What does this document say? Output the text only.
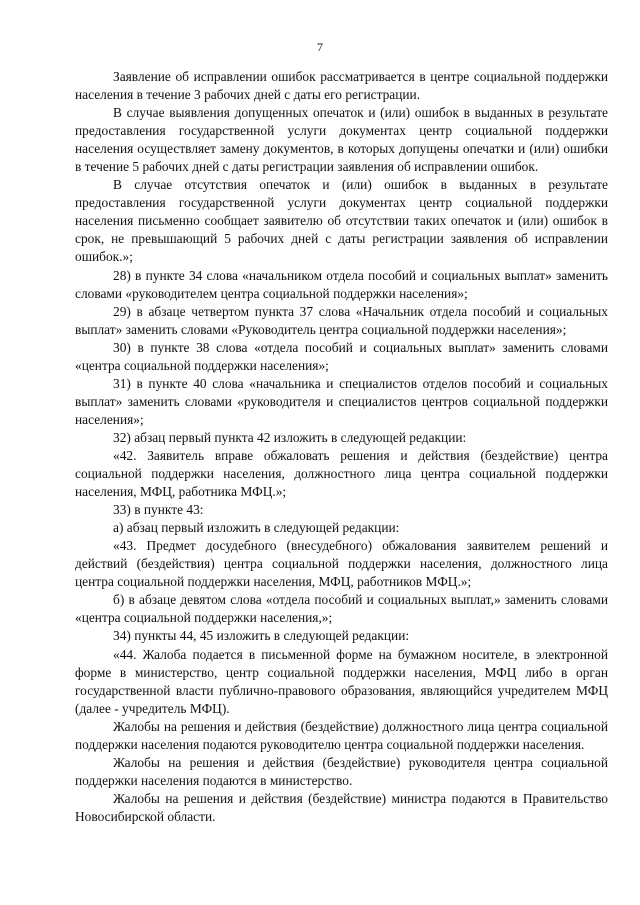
7

Заявление об исправлении ошибок рассматривается в центре социальной поддержки населения в течение 3 рабочих дней с даты его регистрации.

В случае выявления допущенных опечаток и (или) ошибок в выданных в результате предоставления государственной услуги документах центр социальной поддержки населения осуществляет замену документов, в которых допущены опечатки и (или) ошибки в течение 5 рабочих дней с даты регистрации заявления об исправлении ошибок.

В случае отсутствия опечаток и (или) ошибок в выданных в результате предоставления государственной услуги документах центр социальной поддержки населения письменно сообщает заявителю об отсутствии таких опечаток и (или) ошибок в срок, не превышающий 5 рабочих дней с даты регистрации заявления об исправлении ошибок.»;

28) в пункте 34 слова «начальником отдела пособий и социальных выплат» заменить словами «руководителем центра социальной поддержки населения»;

29) в абзаце четвертом пункта 37 слова «Начальник отдела пособий и социальных выплат» заменить словами «Руководитель центра социальной поддержки населения»;

30) в пункте 38 слова «отдела пособий и социальных выплат» заменить словами «центра социальной поддержки населения»;

31) в пункте 40 слова «начальника и специалистов отделов пособий и социальных выплат» заменить словами «руководителя и специалистов центров социальной поддержки населения»;

32) абзац первый пункта 42 изложить в следующей редакции:

«42. Заявитель вправе обжаловать решения и действия (бездействие) центра социальной поддержки населения, должностного лица центра социальной поддержки населения, МФЦ, работника МФЦ.»;

33) в пункте 43:

а) абзац первый изложить в следующей редакции:

«43. Предмет досудебного (внесудебного) обжалования заявителем решений и действий (бездействия) центра социальной поддержки населения, должностного лица центра социальной поддержки населения, МФЦ, работников МФЦ.»;

б) в абзаце девятом слова «отдела пособий и социальных выплат,» заменить словами «центра социальной поддержки населения,»;

34) пункты 44, 45 изложить в следующей редакции:

«44. Жалоба подается в письменной форме на бумажном носителе, в электронной форме в министерство, центр социальной поддержки населения, МФЦ либо в орган государственной власти публично-правового образования, являющийся учредителем МФЦ (далее - учредитель МФЦ).

Жалобы на решения и действия (бездействие) должностного лица центра социальной поддержки населения подаются руководителю центра социальной поддержки населения.

Жалобы на решения и действия (бездействие) руководителя центра социальной поддержки населения подаются в министерство.

Жалобы на решения и действия (бездействие) министра подаются в Правительство Новосибирской области.
